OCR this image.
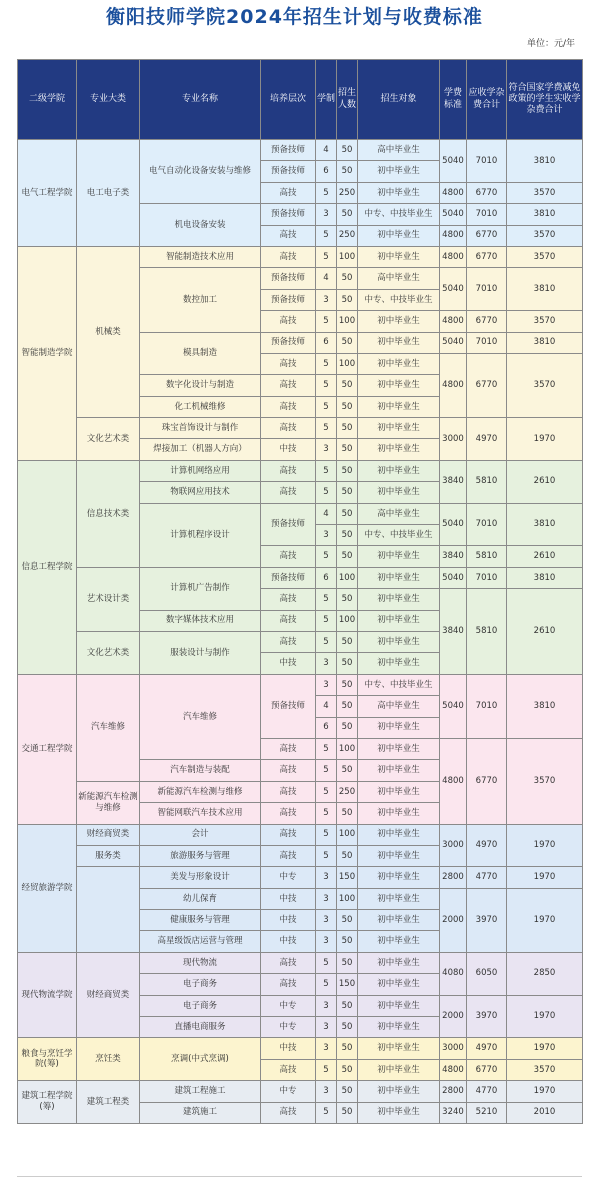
衡阳技师学院2024年招生计划与收费标准
单位：元/年
二级学院	专业大类	专业名称	培养层次	学制	招生人数	招生对象	学费标准	应收学杂费合计	符合国家学费减免政策的学生实收学杂费合计
电气工程学院	电工电子类	电气自动化设备安装与维修	预备技师	4	50	高中毕业生	5040	7010	3810
			预备技师	6	50	初中毕业生			
			高技	5	250	初中毕业生	4800	6770	3570
		机电设备安装	预备技师	3	50	中专、中技毕业生	5040	7010	3810
			高技	5	250	初中毕业生	4800	6770	3570
智能制造学院	机械类	智能制造技术应用	高技	5	100	初中毕业生	4800	6770	3570
		数控加工	预备技师	4	50	高中毕业生	5040	7010	3810
			预备技师	3	50	中专、中技毕业生			
			高技	5	100	初中毕业生	4800	6770	3570
		模具制造	预备技师	6	50	初中毕业生	5040	7010	3810
			高技	5	100	初中毕业生	4800	6770	3570
		数字化设计与制造	高技	5	50	初中毕业生			
		化工机械维修	高技	5	50	初中毕业生			
	文化艺术类	珠宝首饰设计与制作	高技	5	50	初中毕业生	3000	4970	1970
		焊接加工（机器人方向）	中技	3	50	初中毕业生			
信息工程学院	信息技术类	计算机网络应用	高技	5	50	初中毕业生	3840	5810	2610
		物联网应用技术	高技	5	50	初中毕业生			
		计算机程序设计	预备技师	4	50	高中毕业生	5040	7010	3810
				3	50	中专、中技毕业生			
			高技	5	50	初中毕业生	3840	5810	2610
	艺术设计类	计算机广告制作	预备技师	6	100	初中毕业生	5040	7010	3810
			高技	5	50	初中毕业生	3840	5810	2610
		数字媒体技术应用	高技	5	100	初中毕业生			
	文化艺术类	服装设计与制作	高技	5	50	初中毕业生			
			中技	3	50	初中毕业生			
交通工程学院	汽车维修	汽车维修	预备技师	3	50	中专、中技毕业生	5040	7010	3810
				4	50	高中毕业生			
				6	50	初中毕业生			
			高技	5	100	初中毕业生	4800	6770	3570
		汽车制造与装配	高技	5	50	初中毕业生			
	新能源汽车检测与维修	新能源汽车检测与维修	高技	5	250	初中毕业生			
		智能网联汽车技术应用	高技	5	50	初中毕业生			
经贸旅游学院	财经商贸类	会计	高技	5	100	初中毕业生	3000	4970	1970
	服务类	旅游服务与管理	高技	5	50	初中毕业生			
		美发与形象设计	中专	3	150	初中毕业生	2800	4770	1970
		幼儿保育	中技	3	100	初中毕业生	2000	3970	1970
		健康服务与管理	中技	3	50	初中毕业生			
		高星级饭店运营与管理	中技	3	50	初中毕业生			
现代物流学院	财经商贸类	现代物流	高技	5	50	初中毕业生	4080	6050	2850
		电子商务	高技	5	150	初中毕业生			
		电子商务	中专	3	50	初中毕业生	2000	3970	1970
		直播电商服务	中专	3	50	初中毕业生			
粮食与烹饪学院(筹)	烹饪类	烹调(中式烹调)	中技	3	50	初中毕业生	3000	4970	1970
			高技	5	50	初中毕业生	4800	6770	3570
建筑工程学院(筹)	建筑工程类	建筑工程施工	中专	3	50	初中毕业生	2800	4770	1970
		建筑施工	高技	5	50	初中毕业生	3240	5210	2010
